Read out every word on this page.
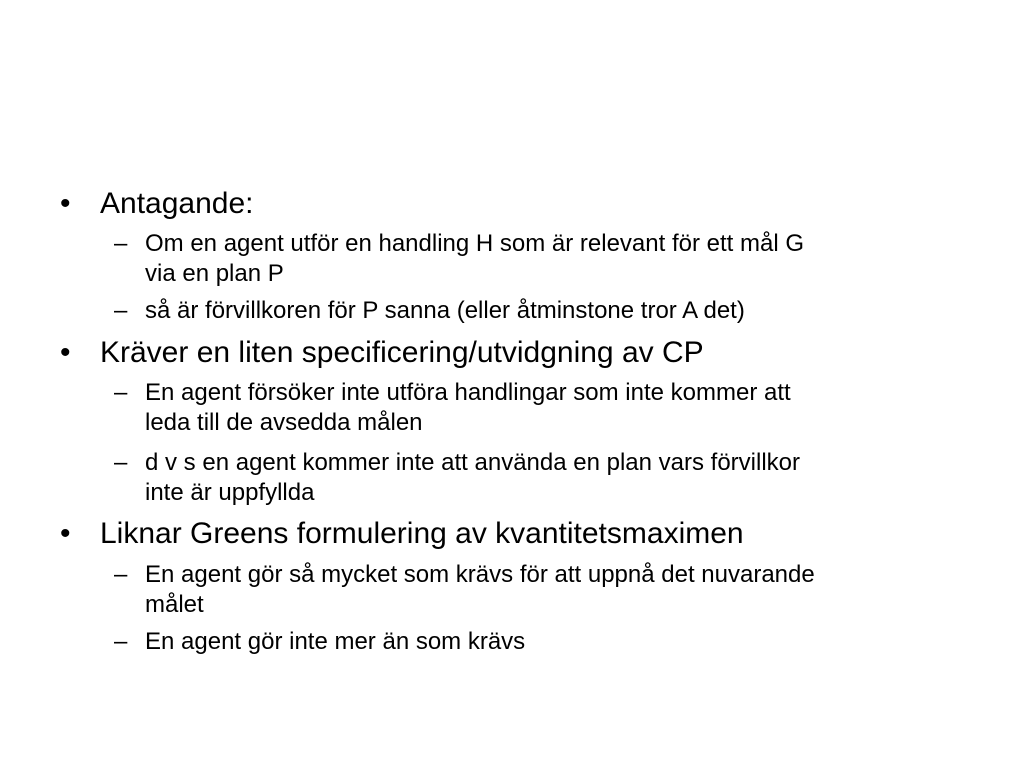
• Antagande:
– Om en agent utför en handling H som är relevant för ett mål G
via en plan P
– så är förvillkoren för P sanna (eller åtminstone tror A det)
• Kräver en liten specificering/utvidgning av CP
– En agent försöker inte utföra handlingar som inte kommer att
leda till de avsedda målen
– d v s en agent kommer inte att använda en plan vars förvillkor
inte är uppfyllda
• Liknar Greens formulering av kvantitetsmaximen
– En agent gör så mycket som krävs för att uppnå det nuvarande
målet
– En agent gör inte mer än som krävs
